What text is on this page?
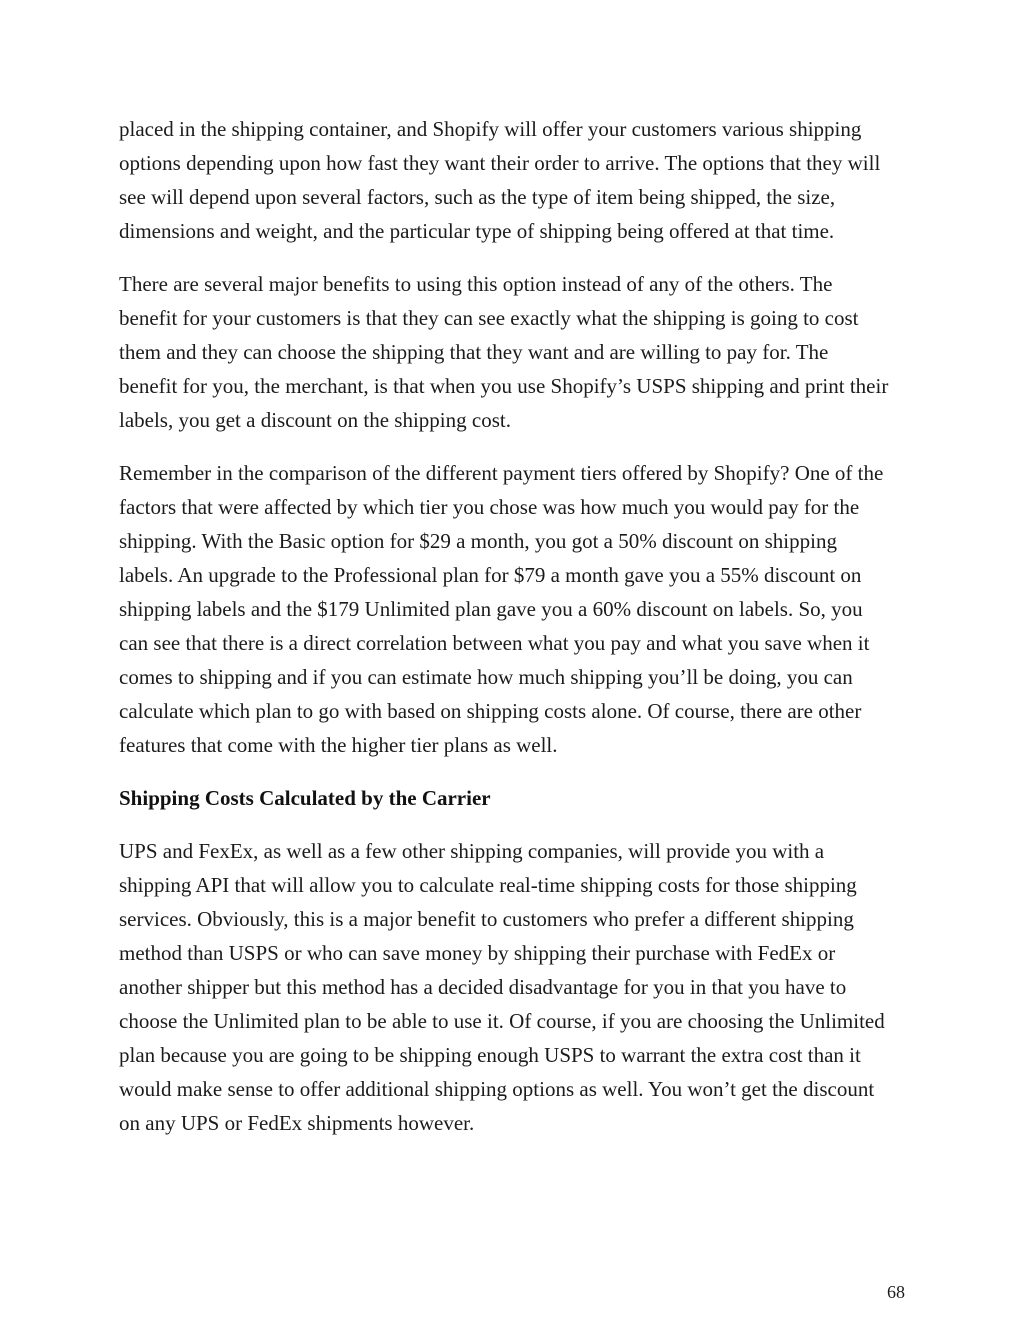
placed in the shipping container, and Shopify will offer your customers various shipping options depending upon how fast they want their order to arrive. The options that they will see will depend upon several factors, such as the type of item being shipped, the size, dimensions and weight, and the particular type of shipping being offered at that time.

There are several major benefits to using this option instead of any of the others. The benefit for your customers is that they can see exactly what the shipping is going to cost them and they can choose the shipping that they want and are willing to pay for. The benefit for you, the merchant, is that when you use Shopify’s USPS shipping and print their labels, you get a discount on the shipping cost.

Remember in the comparison of the different payment tiers offered by Shopify? One of the factors that were affected by which tier you chose was how much you would pay for the shipping. With the Basic option for $29 a month, you got a 50% discount on shipping labels. An upgrade to the Professional plan for $79 a month gave you a 55% discount on shipping labels and the $179 Unlimited plan gave you a 60% discount on labels. So, you can see that there is a direct correlation between what you pay and what you save when it comes to shipping and if you can estimate how much shipping you’ll be doing, you can calculate which plan to go with based on shipping costs alone. Of course, there are other features that come with the higher tier plans as well.

Shipping Costs Calculated by the Carrier

UPS and FexEx, as well as a few other shipping companies, will provide you with a shipping API that will allow you to calculate real-time shipping costs for those shipping services. Obviously, this is a major benefit to customers who prefer a different shipping method than USPS or who can save money by shipping their purchase with FedEx or another shipper but this method has a decided disadvantage for you in that you have to choose the Unlimited plan to be able to use it. Of course, if you are choosing the Unlimited plan because you are going to be shipping enough USPS to warrant the extra cost than it would make sense to offer additional shipping options as well. You won’t get the discount on any UPS or FedEx shipments however.

68
